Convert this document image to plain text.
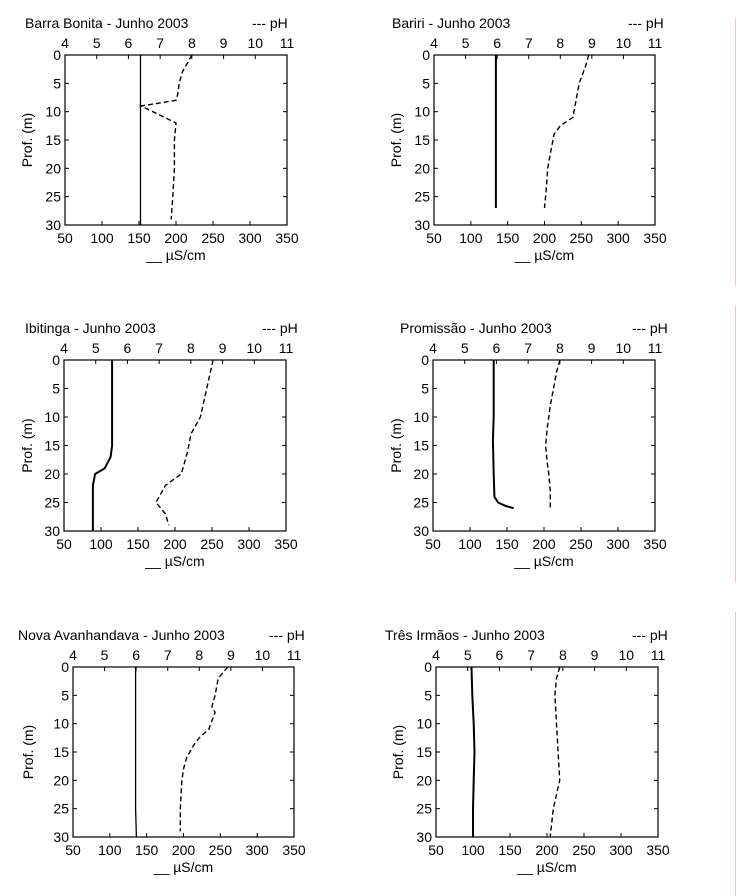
Barra Bonita - Junho 2003	--- pH
4 5 6 7 8 9 10 11
50 100 150 200 250 300 350
0
5
10
15
20
25
30
Prof. (m)
__ µS/cm
Bariri - Junho 2003	--- pH
4 5 6 7 8 9 10 11
50 100 150 200 250 300 350
0
5
10
15
20
25
30
Prof. (m)
__ µS/cm
Ibitinga - Junho 2003	--- pH
4 5 6 7 8 9 10 11
50 100 150 200 250 300 350
0
5
10
15
20
25
30
Prof. (m)
__ µS/cm
Promissão - Junho 2003	--- pH
4 5 6 7 8 9 10 11
50 100 150 200 250 300 350
0
5
10
15
20
25
30
Prof. (m)
__ µS/cm
Nova Avanhandava - Junho 2003	--- pH
4 5 6 7 8 9 10 11
50 100 150 200 250 300 350
0
5
10
15
20
25
30
Prof. (m)
__ µS/cm
Três Irmãos - Junho 2003	--- pH
4 5 6 7 8 9 10 11
50 100 150 200 250 300 350
0
5
10
15
20
25
30
Prof. (m)
__ µS/cm
